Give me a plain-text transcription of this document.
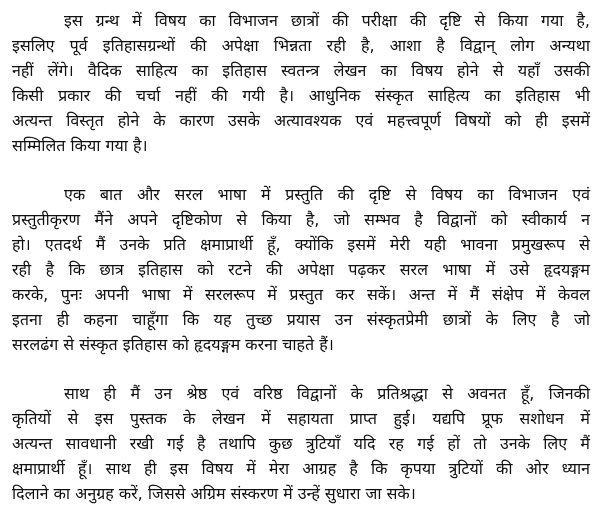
इस ग्रन्थ में विषय का विभाजन छात्रों की परीक्षा की दृष्टि से किया गया है,
इसलिए पूर्व इतिहासग्रन्थों की अपेक्षा भिन्नता रही है, आशा है विद्वान् लोग अन्यथा
नहीं लेंगे। वैदिक साहित्य का इतिहास स्वतन्त्र लेखन का विषय होने से यहाँ उसकी
किसी प्रकार की चर्चा नहीं की गयी है। आधुनिक संस्कृत साहित्य का इतिहास भी
अत्यन्त विस्तृत होने के कारण उसके अत्यावश्यक एवं महत्त्वपूर्ण विषयों को ही इसमें
सम्मिलित किया गया है।
एक बात और सरल भाषा में प्रस्तुति की दृष्टि से विषय का विभाजन एवं
प्रस्तुतीकृरण मैंने अपने दृष्टिकोण से किया है, जो सम्भव है विद्वानों को स्वीकार्य न
हो। एतदर्थ मैं उनके प्रति क्षमाप्रार्थी हूँ, क्योंकि इसमें मेरी यही भावना प्रमुखरूप से
रही है कि छात्र इतिहास को रटने की अपेक्षा पढ़कर सरल भाषा में उसे हृदयङ्गम
करके, पुनः अपनी भाषा में सरलरूप में प्रस्तुत कर सकें। अन्त में मैं संक्षेप में केवल
इतना ही कहना चाहूँगा कि यह तुच्छ प्रयास उन संस्कृतप्रेमी छात्रों के लिए है जो
सरलढंग से संस्कृत इतिहास को हृदयङ्गम करना चाहते हैं।
साथ ही मैं उन श्रेष्ठ एवं वरिष्ठ विद्वानों के प्रतिश्रद्धा से अवनत हूँ, जिनकी
कृतियों से इस पुस्तक के लेखन में सहायता प्राप्त हुई। यद्यपि प्रूफ सशोधन में
अत्यन्त सावधानी रखी गई है तथापि कुछ त्रुटियाँ यदि रह गई हों तो उनके लिए मैं
क्षमाप्रार्थी हूँ। साथ ही इस विषय में मेरा आग्रह है कि कृपया त्रुटियों की ओर ध्यान
दिलाने का अनुग्रह करें, जिससे अग्रिम संस्करण में उन्हें सुधारा जा सके।
